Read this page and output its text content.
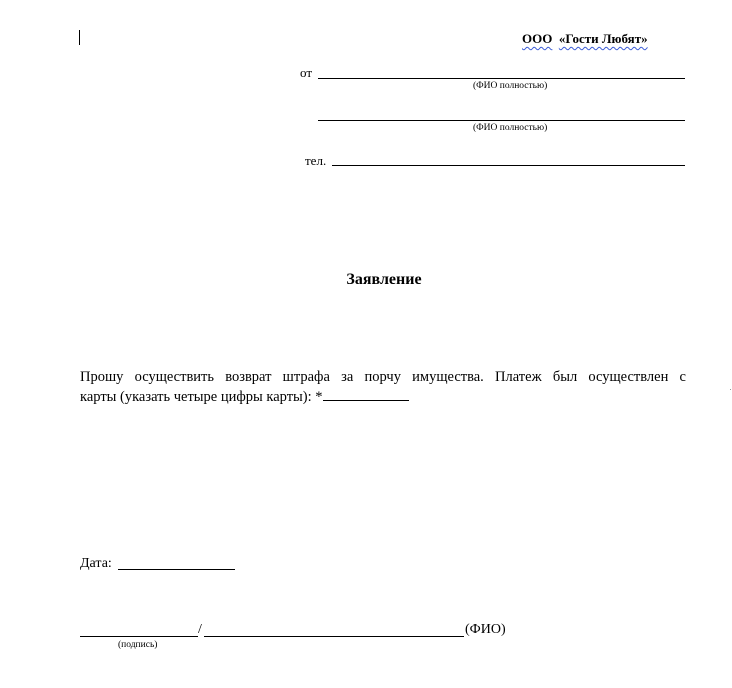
ООО «Гости Любят»
от
(ФИО полностью)
(ФИО полностью)
тел.
Заявление
Прошу осуществить возврат штрафа за порчу имущества. Платеж был осуществлен с
карты (указать четыре цифры карты): *
Дата:
/	(ФИО)
(подпись)
